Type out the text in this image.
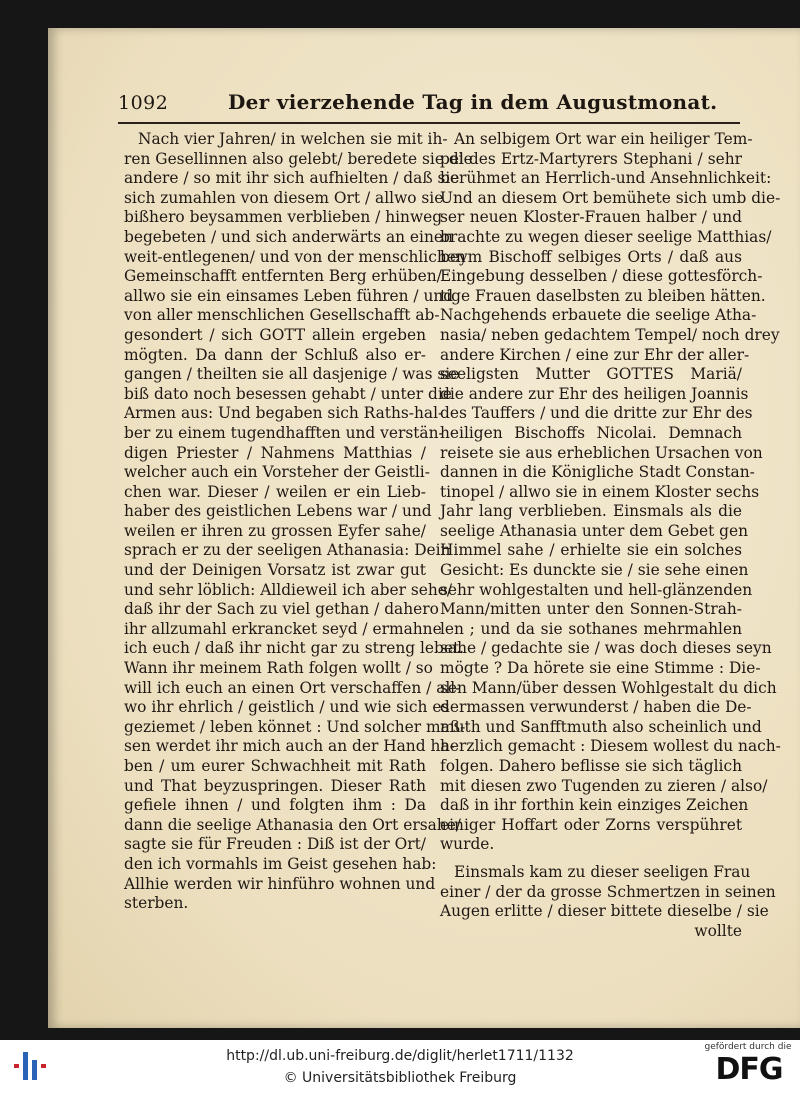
1092	Der vierzehende Tag in dem Augustmonat.
Nach vier Jahren/ in welchen sie mit ih-
ren Gesellinnen also gelebt/ beredete sie die
andere / so mit ihr sich aufhielten / daß sie
sich zumahlen von diesem Ort / allwo sie
bißhero beysammen verblieben / hinweg
begebeten / und sich anderwärts an einen
weit-entlegenen/ und von der menschlichen
Gemeinschafft entfernten Berg erhüben/
allwo sie ein einsames Leben führen / und
von aller menschlichen Gesellschafft ab-
gesondert / sich GOTT allein ergeben
mögten. Da dann der Schluß also er-
gangen / theilten sie all dasjenige / was sie
biß dato noch besessen gehabt / unter die
Armen aus: Und begaben sich Raths-hal-
ber zu einem tugendhafften und verstän-
digen Priester / Nahmens Matthias /
welcher auch ein Vorsteher der Geistli-
chen war. Dieser / weilen er ein Lieb-
haber des geistlichen Lebens war / und
weilen er ihren zu grossen Eyfer sahe/
sprach er zu der seeligen Athanasia: Dein
und der Deinigen Vorsatz ist zwar gut
und sehr löblich: Alldieweil ich aber sehe/
daß ihr der Sach zu viel gethan / dahero
ihr allzumahl erkrancket seyd / ermahne
ich euch / daß ihr nicht gar zu streng lebet.
Wann ihr meinem Rath folgen wollt / so
will ich euch an einen Ort verschaffen / all-
wo ihr ehrlich / geistlich / und wie sich es
geziemet / leben könnet : Und solcher maß-
sen werdet ihr mich auch an der Hand ha-
ben / um eurer Schwachheit mit Rath
und That beyzuspringen. Dieser Rath
gefiele ihnen / und folgten ihm : Da
dann die seelige Athanasia den Ort ersahe/
sagte sie für Freuden : Diß ist der Ort/
den ich vormahls im Geist gesehen hab:
Allhie werden wir hinführo wohnen und
sterben.
An selbigem Ort war ein heiliger Tem-
pel des Ertz-Martyrers Stephani / sehr
berühmet an Herrlich-und Ansehnlichkeit:
Und an diesem Ort bemühete sich umb die-
ser neuen Kloster-Frauen halber / und
brachte zu wegen dieser seelige Matthias/
beym Bischoff selbiges Orts / daß aus
Eingebung desselben / diese gottesförch-
tige Frauen daselbsten zu bleiben hätten.
Nachgehends erbauete die seelige Atha-
nasia/ neben gedachtem Tempel/ noch drey
andere Kirchen / eine zur Ehr der aller-
seeligsten Mutter GOTTES Mariä/
die andere zur Ehr des heiligen Joannis
des Tauffers / und die dritte zur Ehr des
heiligen Bischoffs Nicolai. Demnach
reisete sie aus erheblichen Ursachen von
dannen in die Königliche Stadt Constan-
tinopel / allwo sie in einem Kloster sechs
Jahr lang verblieben. Einsmals als die
seelige Athanasia unter dem Gebet gen
Himmel sahe / erhielte sie ein solches
Gesicht: Es dunckte sie / sie sehe einen
sehr wohlgestalten und hell-glänzenden
Mann/mitten unter den Sonnen-Strah-
len ; und da sie sothanes mehrmahlen
sahe / gedachte sie / was doch dieses seyn
mögte ? Da hörete sie eine Stimme : Die-
sen Mann/über dessen Wohlgestalt du dich
dermassen verwunderst / haben die De-
muth und Sanfftmuth also scheinlich und
herzlich gemacht : Diesem wollest du nach-
folgen. Dahero beflisse sie sich täglich
mit diesen zwo Tugenden zu zieren / also/
daß in ihr forthin kein einziges Zeichen
einiger Hoffart oder Zorns verspühret
wurde.
Einsmals kam zu dieser seeligen Frau
einer / der da grosse Schmertzen in seinen
Augen erlitte / dieser bittete dieselbe / sie
wollte
http://dl.ub.uni-freiburg.de/diglit/herlet1711/1132
© Universitätsbibliothek Freiburg
gefördert durch die
DFG
